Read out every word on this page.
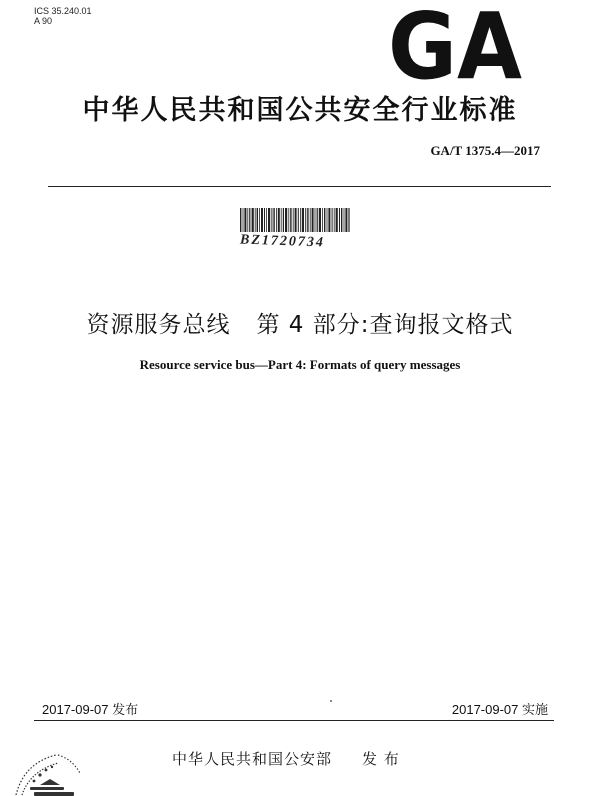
ICS 35.240.01
A 90	GA
中华人民共和国公共安全行业标准
GA/T 1375.4—2017
BZ1720734
资源服务总线 第 4 部分:查询报文格式
Resource service bus—Part 4: Formats of query messages
2017-09-07 发布	2017-09-07 实施
中华人民共和国公安部 发 布
